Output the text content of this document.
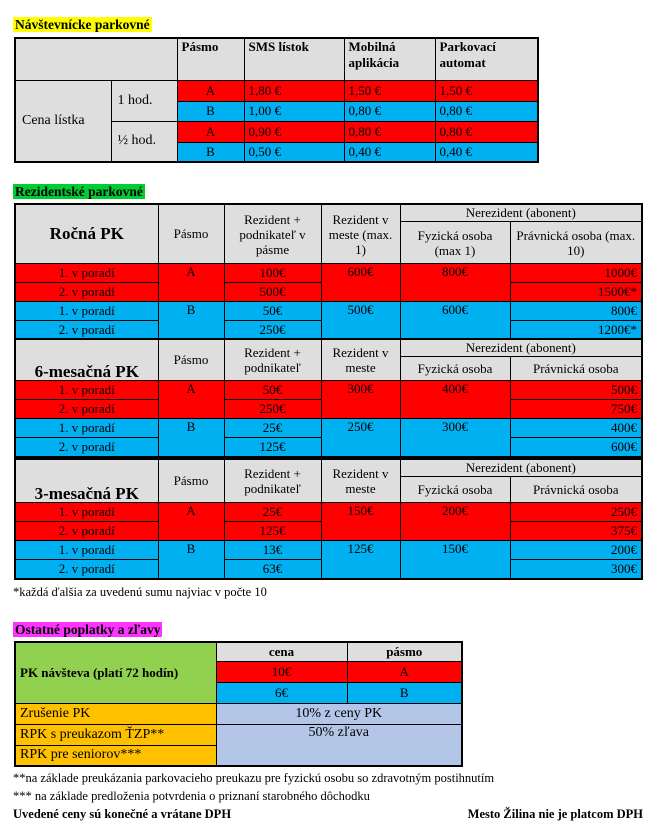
Návštevnícke parkovné
		Pásmo	SMS lístok	Mobilná aplikácia	Parkovací automat
Cena lístka	1 hod.	A	1,80 €	1,50 €	1,50 €
		B	1,00 €	0,80 €	0,80 €
	½ hod.	A	0,90 €	0,80 €	0,80 €
		B	0,50 €	0,40 €	0,40 €
Rezidentské parkovné
Ročná PK	Pásmo	Rezident + podnikateľ v pásme	Rezident v meste (max. 1)	Nerezident (abonent)	
				Fyzická osoba (max 1)	Právnická osoba (max. 10)
1. v poradí	A	100€	600€	800€	1000€
2. v poradí		500€			1500€*
1. v poradí	B	50€	500€	600€	800€
2. v poradí		250€			1200€*
6-mesačná PK	Pásmo	Rezident + podnikateľ	Rezident v meste	Nerezident (abonent)	
				Fyzická osoba	Právnická osoba
1. v poradí	A	50€	300€	400€	500€
2. v poradí		250€			750€
1. v poradí	B	25€	250€	300€	400€
2. v poradí		125€			600€
3-mesačná PK	Pásmo	Rezident + podnikateľ	Rezident v meste	Nerezident (abonent)	
				Fyzická osoba	Právnická osoba
1. v poradí	A	25€	150€	200€	250€
2. v poradí		125€			375€
1. v poradí	B	13€	125€	150€	200€
2. v poradí		63€			300€
*každá ďalšia za uvedenú sumu najviac v počte 10
Ostatné poplatky a zľavy
PK návšteva (platí 72 hodín)	cena	pásmo
	10€	A
	6€	B
Zrušenie PK	10% z ceny PK	
RPK s preukazom ŤZP**	50% zľava	
RPK pre seniorov***		
**na základe preukázania parkovacieho preukazu pre fyzickú osobu so zdravotným postihnutím
*** na základe predloženia potvrdenia o priznaní starobného dôchodku
Uvedené ceny sú konečné a vrátane DPH	Mesto Žilina nie je platcom DPH
